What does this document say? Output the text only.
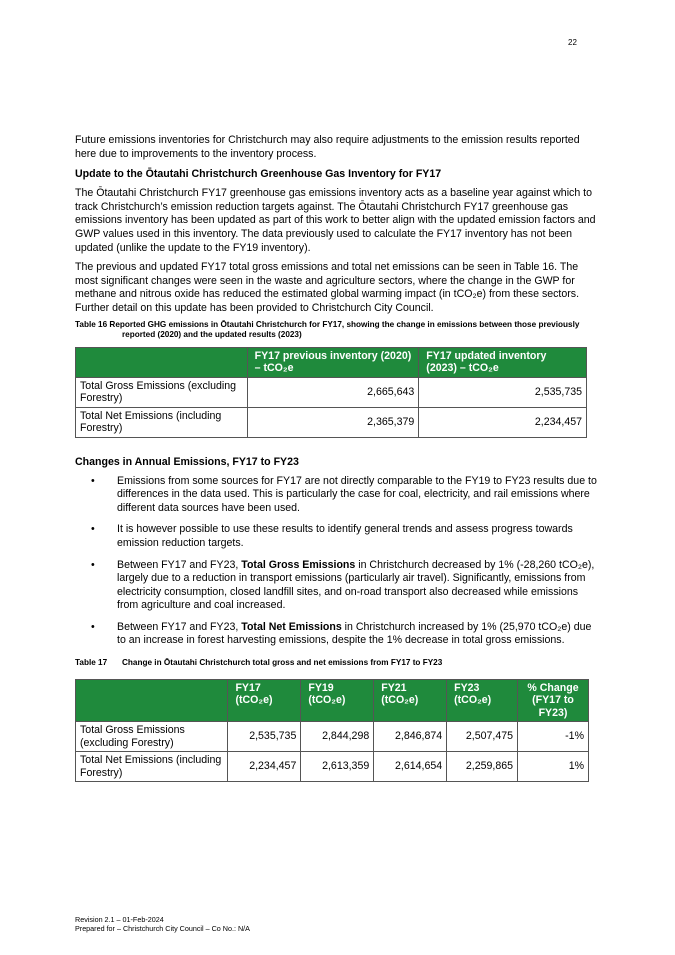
22

Future emissions inventories for Christchurch may also require adjustments to the emission results reported here due to improvements to the inventory process.

Update to the Ōtautahi Christchurch Greenhouse Gas Inventory for FY17

The Ōtautahi Christchurch FY17 greenhouse gas emissions inventory acts as a baseline year against which to track Christchurch’s emission reduction targets against. The Ōtautahi Christchurch FY17 greenhouse gas emissions inventory has been updated as part of this work to better align with the updated emission factors and GWP values used in this inventory. The data previously used to calculate the FY17 inventory has not been updated (unlike the update to the FY19 inventory).

The previous and updated FY17 total gross emissions and total net emissions can be seen in Table 16. The most significant changes were seen in the waste and agriculture sectors, where the change in the GWP for methane and nitrous oxide has reduced the estimated global warming impact (in tCO₂e) from these sectors. Further detail on this update has been provided to Christchurch City Council.

Table 16 Reported GHG emissions in Ōtautahi Christchurch for FY17, showing the change in emissions between those previously reported (2020) and the updated results (2023)
	FY17 previous inventory (2020) – tCO₂e	FY17 updated inventory (2023) – tCO₂e
Total Gross Emissions (excluding Forestry)	2,665,643	2,535,735
Total Net Emissions (including Forestry)	2,365,379	2,234,457
Changes in Annual Emissions, FY17 to FY23
• Emissions from some sources for FY17 are not directly comparable to the FY19 to FY23 results due to differences in the data used. This is particularly the case for coal, electricity, and rail emissions where different data sources have been used.
• It is however possible to use these results to identify general trends and assess progress towards emission reduction targets.
• Between FY17 and FY23, Total Gross Emissions in Christchurch decreased by 1% (-28,260 tCO₂e), largely due to a reduction in transport emissions (particularly air travel). Significantly, emissions from electricity consumption, closed landfill sites, and on-road transport also decreased while emissions from agriculture and coal increased.
• Between FY17 and FY23, Total Net Emissions in Christchurch increased by 1% (25,970 tCO₂e) due to an increase in forest harvesting emissions, despite the 1% decrease in total gross emissions.
Table 17 Change in Ōtautahi Christchurch total gross and net emissions from FY17 to FY23
	FY17 (tCO₂e)	FY19 (tCO₂e)	FY21 (tCO₂e)	FY23 (tCO₂e)	% Change (FY17 to FY23)
Total Gross Emissions (excluding Forestry)	2,535,735	2,844,298	2,846,874	2,507,475	-1%
Total Net Emissions (including Forestry)	2,234,457	2,613,359	2,614,654	2,259,865	1%
Revision 2.1 – 01-Feb-2024
Prepared for – Christchurch City Council – Co No.: N/A
